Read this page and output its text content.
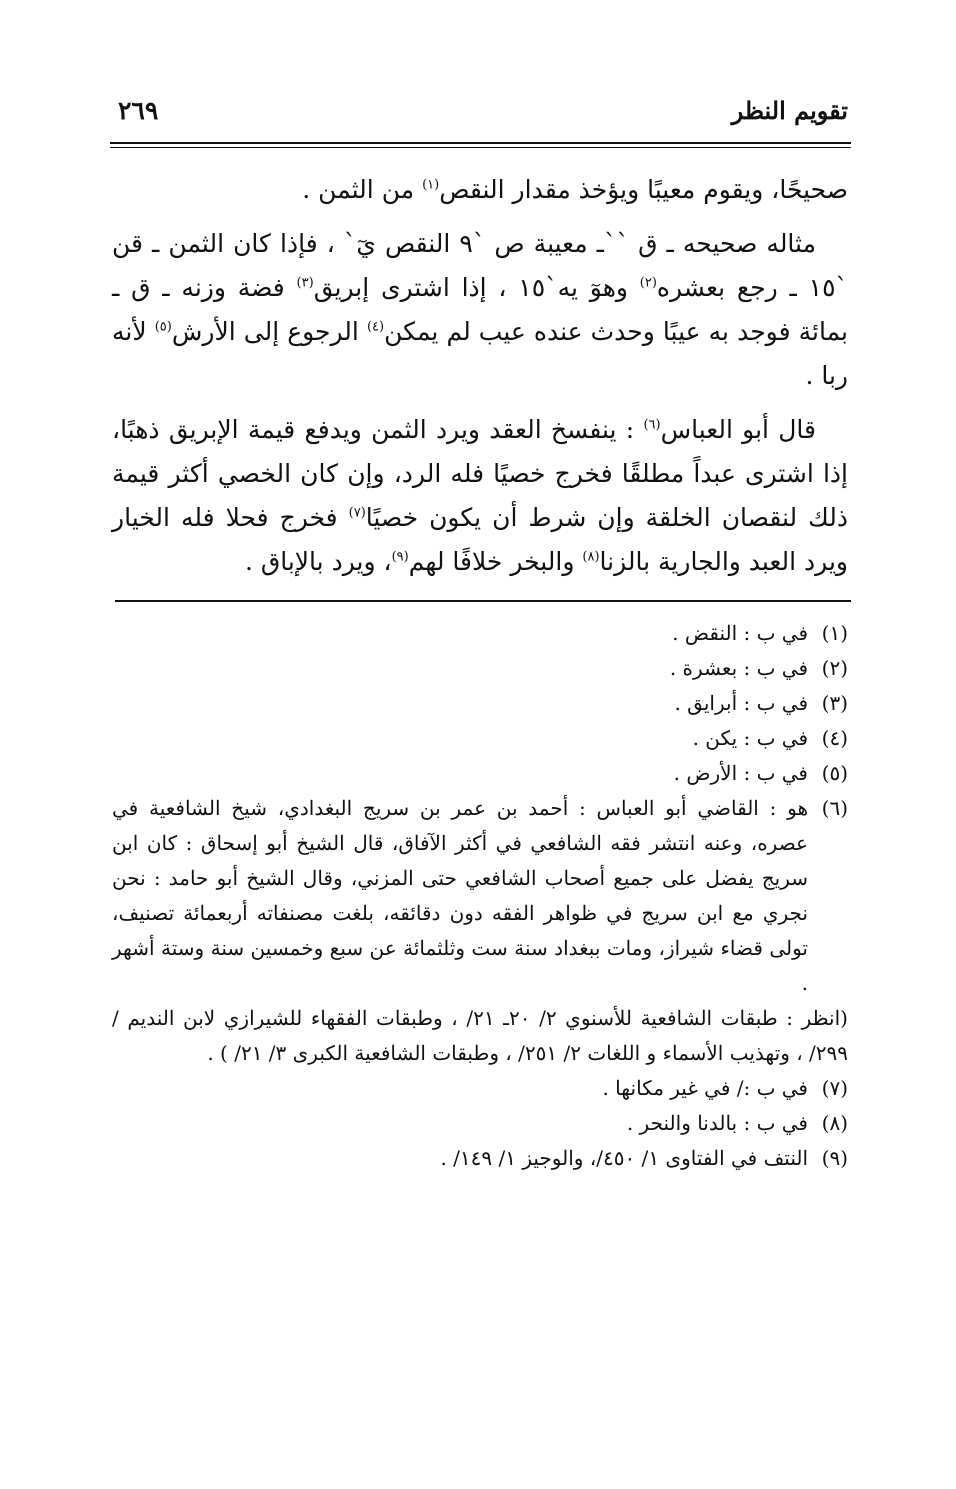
تقويم النظر
٢٦٩

صحيحًا، ويقوم معيبًا ويؤخذ مقدار النقص$^{(١)}$ من الثمن .

مثاله صحيحه ـ ق ``ـ معيبة ص `٩ النقص يٓ` ، فإذا كان الثمن ـ قن `١٥ ـ رجع بعشره$^{(٢)}$ وهوٓ يه`١٥ ، إذا اشترى إبريق$^{(٣)}$ فضة وزنه ـ ق ـ بمائة فوجد به عيبًا وحدث عنده عيب لم يمكن$^{(٤)}$ الرجوع إلى الأرش$^{(٥)}$ لأنه ربا .

قال أبو العباس$^{(٦)}$ : ينفسخ العقد ويرد الثمن ويدفع قيمة الإبريق ذهبًا، إذا اشترى عبداً مطلقًا فخرج خصيًا فله الرد، وإن كان الخصي أكثر قيمة ذلك لنقصان الخلقة وإن شرط أن يكون خصيًا$^{(٧)}$ فخرج فحلا فله الخيار ويرد العبد والجارية بالزنا$^{(٨)}$ والبخر خلافًا لهم$^{(٩)}$، ويرد بالإباق .

(١)
في ب : النقض .
(٢)
في ب : بعشرة .
(٣)
في ب : أبرايق .
(٤)
في ب : يكن .
(٥)
في ب : الأرض .
(٦)
هو : القاضي أبو العباس : أحمد بن عمر بن سريج البغدادي، شيخ الشافعية في عصره، وعنه انتشر فقه الشافعي في أكثر الآفاق، قال الشيخ أبو إسحاق : كان ابن سريج يفضل على جميع أصحاب الشافعي حتى المزني، وقال الشيخ أبو حامد : نحن نجري مع ابن سريج في ظواهر الفقه دون دقائقه، بلغت مصنفاته أربعمائة تصنيف، تولى قضاء شيراز، ومات ببغداد سنة ست وثلثمائة عن سبع وخمسين سنة وستة أشهر .
(انظر : طبقات الشافعية للأسنوي ٢/ ٢٠ـ ٢١/ ، وطبقات الفقهاء للشيرازي لابن النديم / ٢٩٩/ ، وتهذيب الأسماء و اللغات ٢/ ٢٥١/ ، وطبقات الشافعية الكبرى ٣/ ٢١/ ) .
(٧)
في ب :/ في غير مكانها .
(٨)
في ب : بالدنا والنحر .
(٩)
النتف في الفتاوى ١/ ٤٥٠/، والوجيز ١/ ١٤٩/ .
